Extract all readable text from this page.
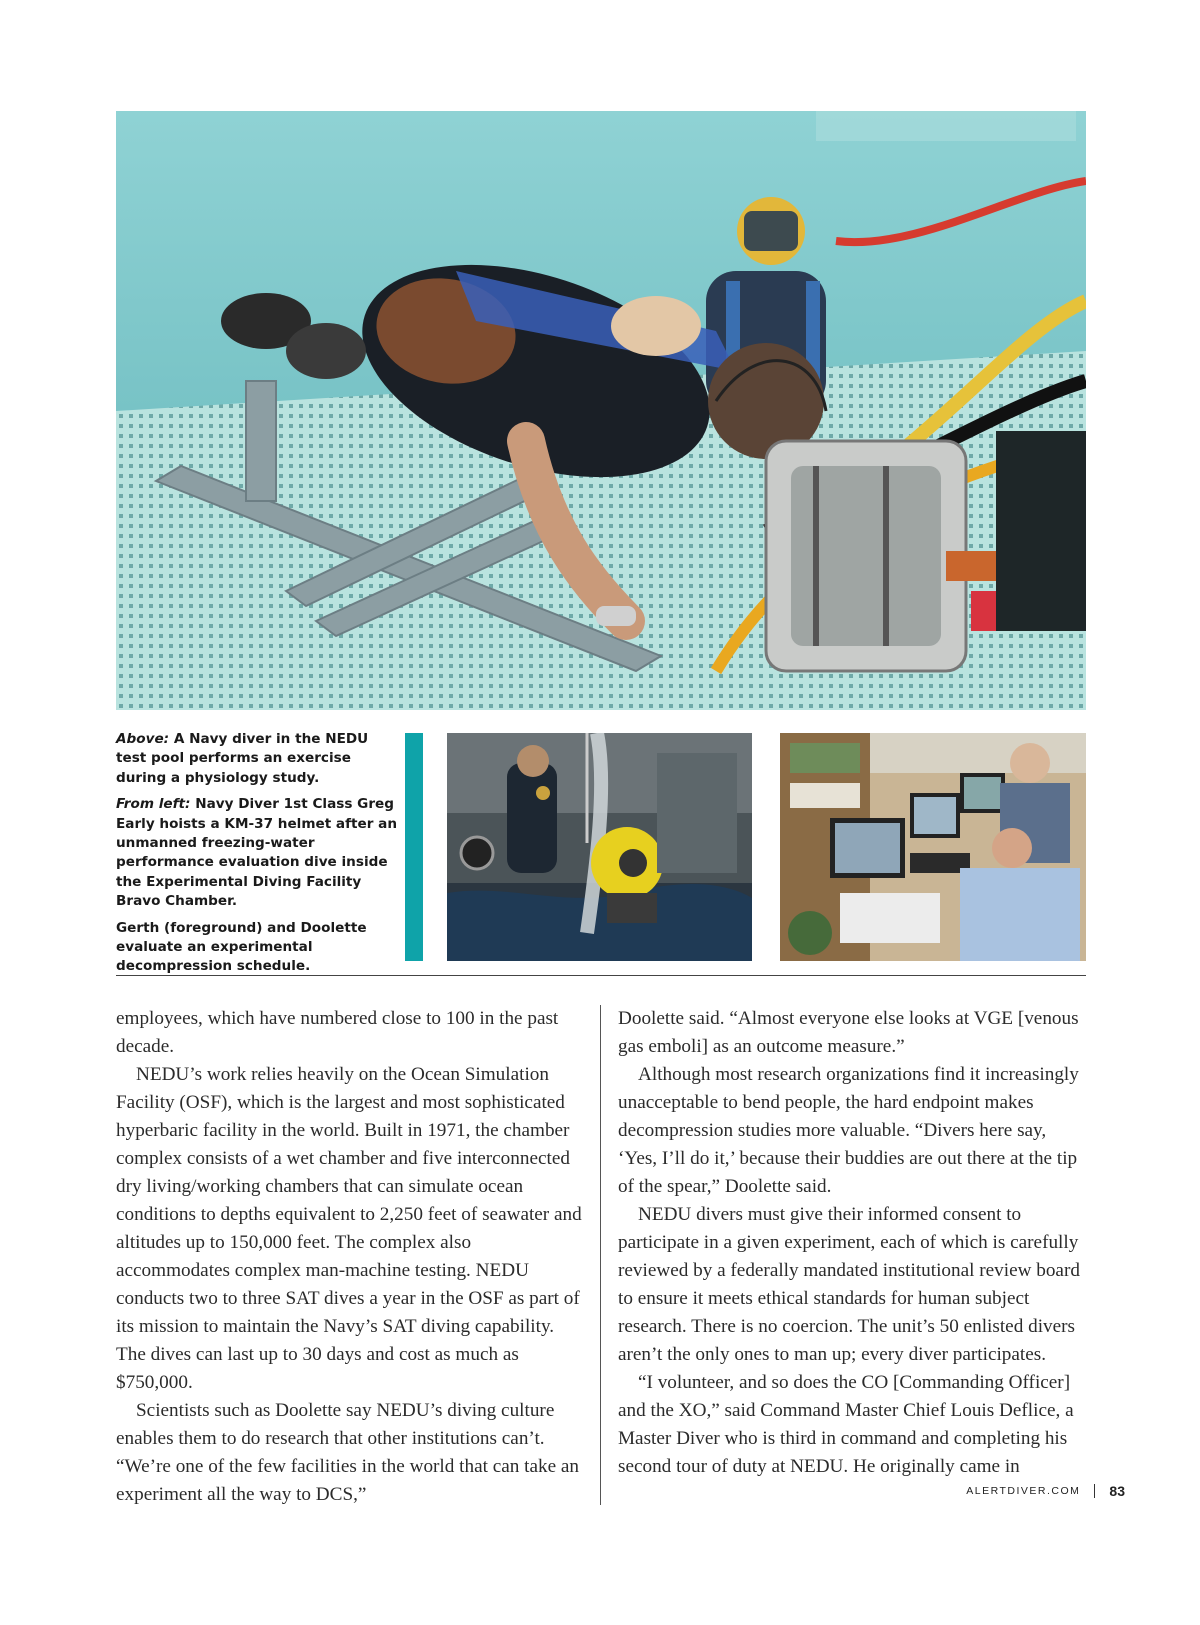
Above: A Navy diver in the NEDU test pool performs an exercise during a physiology study.

From left: Navy Diver 1st Class Greg Early hoists a KM-37 helmet after an unmanned freezing-water performance evaluation dive inside the Experimental Diving Facility Bravo Chamber.

Gerth (foreground) and Doolette evaluate an experimental decompression schedule.

employees, which have numbered close to 100 in the past decade.

NEDU’s work relies heavily on the Ocean Simulation Facility (OSF), which is the largest and most sophisticated hyperbaric facility in the world. Built in 1971, the chamber complex consists of a wet chamber and five interconnected dry living/working chambers that can simulate ocean conditions to depths equivalent to 2,250 feet of seawater and altitudes up to 150,000 feet. The complex also accommodates complex man-machine testing. NEDU conducts two to three SAT dives a year in the OSF as part of its mission to maintain the Navy’s SAT diving capability. The dives can last up to 30 days and cost as much as $750,000.

Scientists such as Doolette say NEDU’s diving culture enables them to do research that other institutions can’t. “We’re one of the few facilities in the world that can take an experiment all the way to DCS,”

Doolette said. “Almost everyone else looks at VGE [venous gas emboli] as an outcome measure.”

Although most research organizations find it increasingly unacceptable to bend people, the hard endpoint makes decompression studies more valuable. “Divers here say, ‘Yes, I’ll do it,’ because their buddies are out there at the tip of the spear,” Doolette said.

NEDU divers must give their informed consent to participate in a given experiment, each of which is carefully reviewed by a federally mandated institutional review board to ensure it meets ethical standards for human subject research. There is no coercion. The unit’s 50 enlisted divers aren’t the only ones to man up; every diver participates.

“I volunteer, and so does the CO [Commanding Officer] and the XO,” said Command Master Chief Louis Deflice, a Master Diver who is third in command and completing his second tour of duty at NEDU. He originally came in

ALERTDIVER.COM 83
